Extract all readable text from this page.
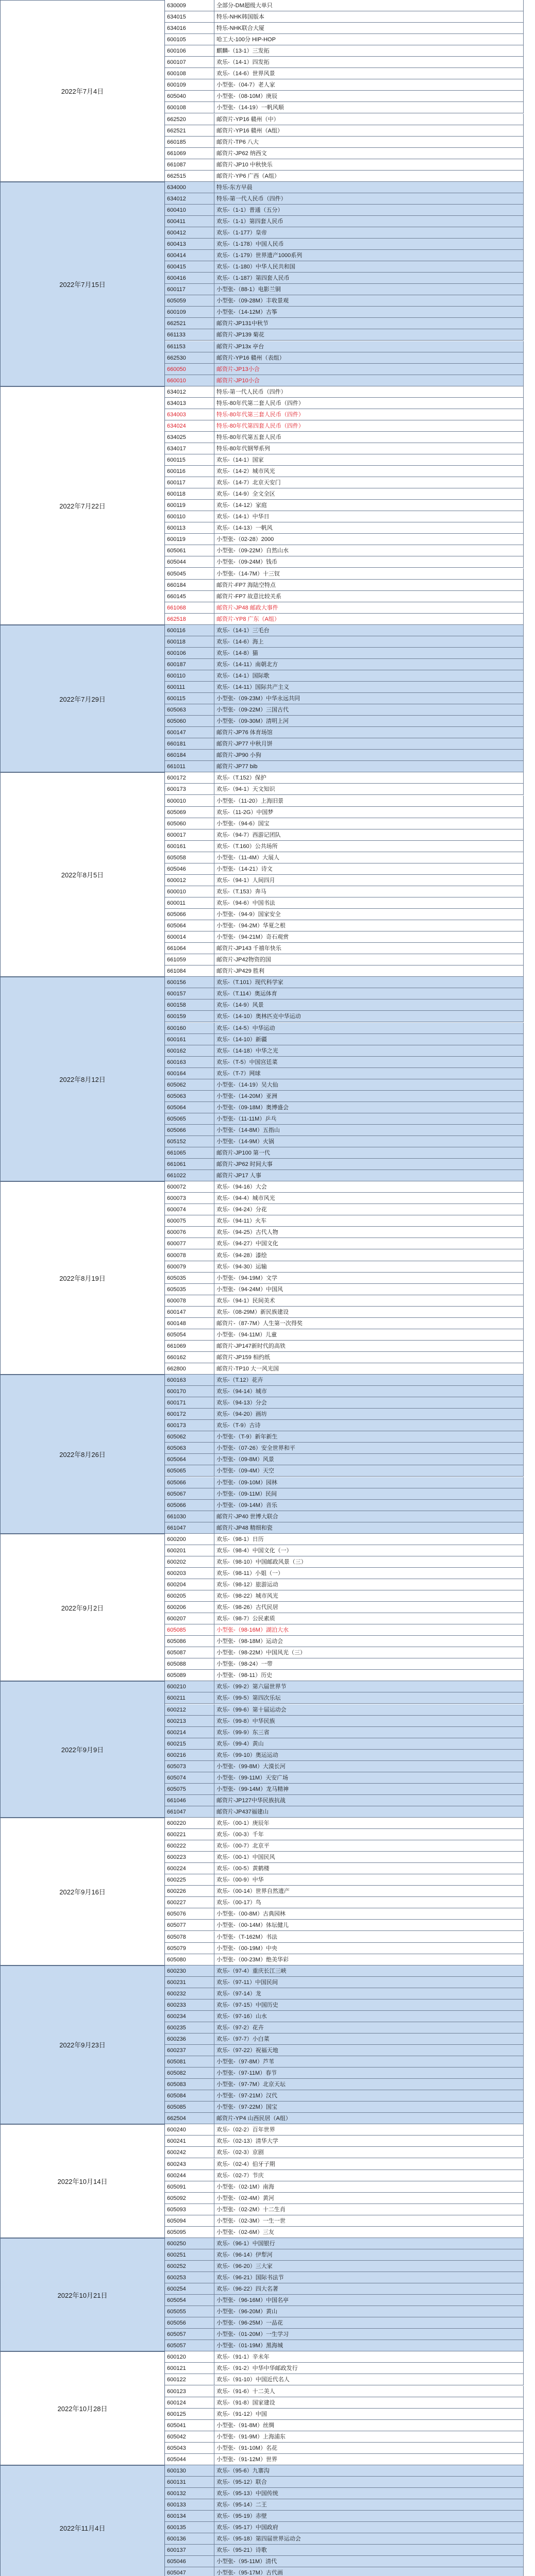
2022年7月4日
630009	全部分-DM超级大单只
634015	特乐-NHK韩国版本
634016	特乐-NHK联合大厦
600105	哈工大-100分 HIP-HOP
600106	麒麟-（13-1）三发拓
600107	欢乐-（14-1）四发拓
600108	欢乐-（14-6）世界风景
600109	小型张-（04-7）老人家
605040	小型张-（08-10M）庚辰
600108	小型张-（14-19）一帆风顺
662520	邮资片-YP16 赣州（中）
662521	邮资片-YP16 赣州（A组）
660185	邮资片-TP6 八大
661069	邮资片-JP62 纳西文
661087	邮资片-JP10 中秋快乐
662515	邮资片-YP6 广西（A组）
2022年7月15日
634000	特乐-东方早晨
634012	特乐-第一代人民币（四件）
600410	欢乐-（1-1）普通（五分）
600411	欢乐-（1-1）第四套人民币
600412	欢乐-（1-177）皇帝
600413	欢乐-（1-178）中国人民币
600414	欢乐-（1-179）世界遗产1000系列
600415	欢乐-（1-180）中华人民共和国
600416	欢乐-（1-187）第四套人民币
600117	小型张-（88-1）电影兰铜
605059	小型张-（09-28M）丰收景观
600109	小型张-（14-12M）古筝
662521	邮资片-JP131中秋节
661133	邮资片-JP139 菊花
661153	邮资片-JP13x 亭台
662530	邮资片-YP16 赣州（表组）
660050	邮资片-JP13小合
660010	邮资片-JP10小合
2022年7月22日
634012	特乐-第一代人民币（四件）
634013	特乐-80年代第二套人民币（四件）
634003	特乐-80年代第三套人民币（四件）
634024	特乐-80年代第四套人民币（四件）
634025	特乐-80年代第五套人民币
634017	特乐-80年代钢琴系列
600115	欢乐-（14-1）国家
600116	欢乐-（14-2）城市风光
600117	欢乐-（14-7）北京天安门
600118	欢乐-（14-9）全文全区
600119	欢乐-（14-12）家庭
600110	欢乐-（14-1）中华日
600113	欢乐-（14-13）一帆风
600119	小型张-（02-28）2000
605061	小型张-（09-22M）自然山水
605044	小型张-（09-24M）钱币
605045	小型张-（14-7M）十三钗
660184	邮资片-FP7 海陆空特点
660145	邮资片-FP7 故意比较关系
661068	邮资片-JP48 邮政大事件
662518	邮资片-YP8 广东（A组）
2022年7月29日
600116	欢乐-（14-1）三毛台
600118	欢乐-（14-6）海上
600106	欢乐-（14-8）猫
600187	欢乐-（14-11）南朝北方
600110	欢乐-（14-1）国际歌
600111	欢乐-（14-11）国际共产主义
600115	小型张-（09-23M）中华永远共同
605063	小型张-（09-22M）三国古代
605060	小型张-（09-30M）清明上河
600147	邮资片-JP76 体育场馆
660181	邮资片-JP77 中秋月饼
660184	邮资片-JP90 小狗
661011	邮资片-JP77 bib
2022年8月5日
600172	欢乐-（T.152）保护
600173	欢乐-（94-1）天文知识
600010	小型张-（11-20）上海旧景
605069	欢乐-（11-2G）中国梦
605060	小型张-（94-6）国宝
600017	欢乐-（94-7）西游记团队
600161	欢乐-（T.160）公共场所
605058	小型张-（11-4M）大展人
605046	小型张-（14-21）诗文
600012	欢乐-（94-1）人间四月
600010	欢乐-（T.153）奔马
600011	欢乐-（94-6）中国书法
605066	小型张-（94-9）国家安全
605064	小型张-（94-2M）华夏之根
600014	小型张-（94-21M）奇石观赏
661064	邮资片-JP143 千禧年快乐
661059	邮资片-JP42物资的国
661084	邮资片-JP429 胜利
2022年8月12日
600156	欢乐-（T.101）现代科学家
600157	欢乐-（T.114）奥运体育
600158	欢乐-（14-9）风景
600159	欢乐-（14-10）奥林匹克中华运动
600160	欢乐-（14-5）中华运动
600161	欢乐-（14-10）新疆
600162	欢乐-（14-18）中华之光
600163	欢乐-（T-5）中国宫廷菜
600164	欢乐-（T-7）网球
605062	小型张-（14-19）吴大仙
605063	小型张-（14-20M）亚洲
605064	小型张-（09-18M）奥博盛会
605065	小型张-（11-11M）乒乓
605066	小型张-（14-8M）五指山
605152	小型张-（14-9M）火锅
661065	邮资片-JP100 第一代
661061	邮资片-JP62 时间大事
661022	邮资片-JP17 人事
2022年8月19日
600072	欢乐-（94-16）大会
600073	欢乐-（94-4）城市风光
600074	欢乐-（94-24）分花
600075	欢乐-（94-11）火车
600076	欢乐-（94-25）古代人物
600077	欢乐-（94-27）中国文化
600078	欢乐-（94-28）漆绘
600079	欢乐-（94-30）运输
605035	小型张-（94-19M）文学
605035	小型张-（94-24M）中国风
600078	欢乐-（94-1）民间美术
600147	欢乐-（08-29M）新民族建设
600148	邮资片-（87-7M）人生第一次得奖
605054	小型张-（94-11M）儿童
661069	邮资片-JP147新时代的高铁
660162	邮资片-JP159 相约纸
662800	邮资片-TP10 大一风光国
2022年8月26日
600163	欢乐-（T.12）花卉
600170	欢乐-（94-14）城市
600171	欢乐-（94-13）分会
600172	欢乐-（94-20）画坊
600173	欢乐-（T-9）古诗
605062	小型张-（T-9）新年新生
605063	小型张-（07-26）安全世界和平
605064	小型张-（09-8M）风景
605065	小型张-（09-4M）天空
605066	小型张-（09-10M）园林
605067	小型张-（09-11M）民间
605066	小型张-（09-14M）音乐
661030	邮资片-JP40 世博大联合
661047	邮资片-JP48 精细和瓷
2022年9月2日
600200	欢乐-（98-1）日历
600201	欢乐-（98-4）中国文化（一）
600202	欢乐-（98-10）中国邮政风景（三）
600203	欢乐-（98-11）小姐（一）
600204	欢乐-（98-12）旅游运动
600205	欢乐-（98-22）城市风光
600206	欢乐-（98-26）古代民居
600207	欢乐-（98-7）公民素质
605085	小型张-（98-16M）湖泊大水
605086	小型张-（98-18M）运动会
605087	小型张-（98-22M）中国风光（三）
605088	小型张-（98-24）一带
605089	小型张-（98-11）历史
2022年9月9日
600210	欢乐-（99-2）第六届世界节
600211	欢乐-（99-5）第四次乐坛
600212	欢乐-（99-6）第十届运动会
600213	欢乐-（99-8）中华民族
600214	欢乐-（99-9）东三省
600215	欢乐-（99-4）黄山
600216	欢乐-（99-10）奥运运动
605073	小型张-（99-8M）大漠长河
605074	小型张-（99-11M）天安广场
605075	小型张-（99-14M）龙马精神
661046	邮资片-JP127中华民族抗战
661047	邮资片-JP437福建山
2022年9月16日
600220	欢乐-（00-1）庚辰年
600221	欢乐-（00-3）千年
600222	欢乐-（00-7）北京平
600223	欢乐-（00-1）中国民风
600224	欢乐-（00-5）黄鹤楼
600225	欢乐-（00-9）中华
600226	欢乐-（00-14）世界自然遗产
600227	欢乐-（00-17）鸟
605076	小型张-（00-8M）古典园林
605077	小型张-（00-14M）体坛健儿
605078	小型张-（T-162M）书法
605079	小型张-（00-19M）中央
605080	小型张-（00-23M）绝美华彩
2022年9月23日
600230	欢乐-（97-4）重庆长江三峡
600231	欢乐-（97-11）中国民间
600232	欢乐-（97-14）龙
600233	欢乐-（97-15）中国历史
600234	欢乐-（97-16）山水
600235	欢乐-（97-2）花卉
600236	欢乐-（97-7）小白菜
600237	欢乐-（97-22）祝福天地
605081	小型张-（97-8M）芦苇
605082	小型张-（97-11M）春节
605083	小型张-（97-7M）北京天坛
605084	小型张-（97-21M）汉代
605085	小型张-（97-22M）国宝
662504	邮资片-YP4 山西民居（A组）
2022年10月14日
600240	欢乐-（02-2）百年世界
600241	欢乐-（02-13）清华大学
600242	欢乐-（02-3）京剧
600243	欢乐-（02-4）伯牙子期
600244	欢乐-（02-7）节庆
605091	小型张-（02-1M）南海
605092	小型张-（02-4M）黄河
605093	小型张-（02-2M）十二生肖
605094	小型张-（02-3M）一生一世
605095	小型张-（02-6M）三友
2022年10月21日
600250	欢乐-（96-1）中国银行
600251	欢乐-（96-14）伊犁河
600252	欢乐-（96-20）三大家
600253	欢乐-（96-21）国际书法节
600254	欢乐-（96-22）四大名著
605054	小型张-（96-16M）中国名亭
605055	小型张-（96-20M）黄山
605056	小型张-（96-25M）一品花
605057	小型张-（01-20M）一生学习
605057	小型张-（01-19M）黑海城
2022年10月28日
600120	欢乐-（91-1）辛未年
600121	欢乐-（91-2）中华中华邮政发行
600122	欢乐-（91-10）中国近代名人
600123	欢乐-（91-6）十二美人
600124	欢乐-（91-8）国家建设
600125	欢乐-（91-12）中国
605041	小型张-（91-8M）丝绸
605042	小型张-（91-9M）上海浦东
605043	小型张-（91-10M）名花
605044	小型张-（91-12M）世界
2022年11月4日
600130	欢乐-（95-6）九寨沟
600131	欢乐-（95-12）联合
600132	欢乐-（95-13）中国传统
600133	欢乐-（95-14）二王
600134	欢乐-（95-19）赤壁
600135	欢乐-（95-17）中国政府
600136	欢乐-（95-18）第四届世界运动会
600137	欢乐-（95-21）诗歌
605046	小型张-（95-11M）清代
605047	小型张-（95-17M）古代画
